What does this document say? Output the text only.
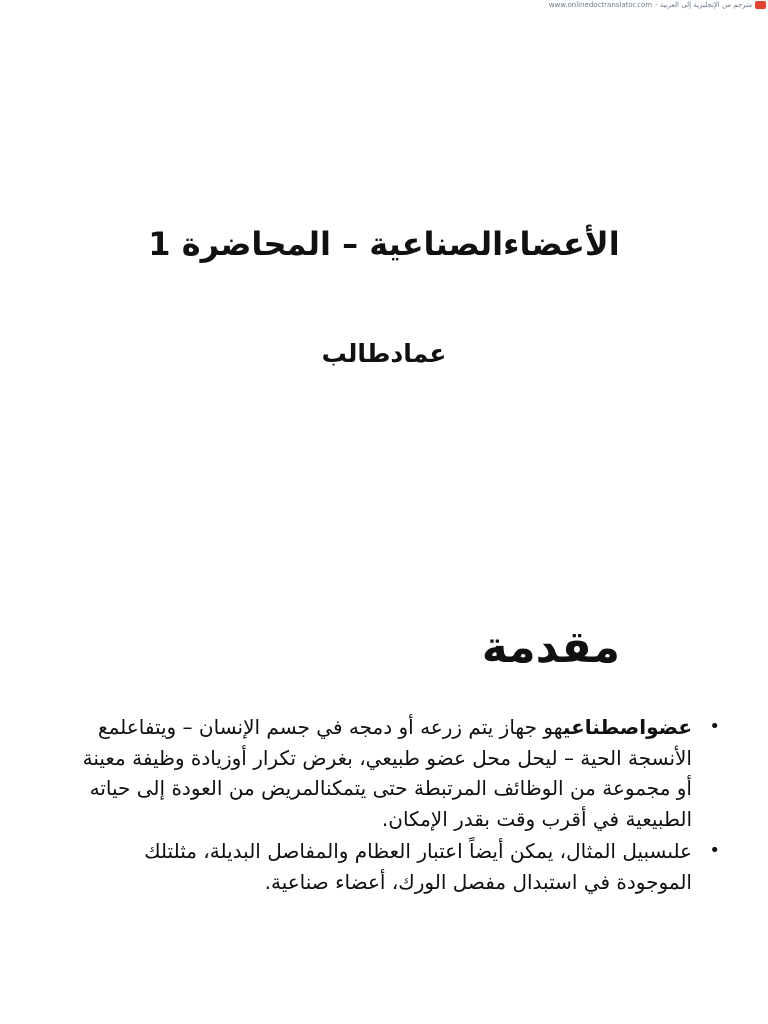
www.onlinedoctranslator.com مترجم من الإنجليزية إلى العربية -
الأعضاءالصناعية – المحاضرة 1
عمادطالب
مقدمة
•
عضواصطناعيهو جهاز يتم زرعه أو دمجه في جسم الإنسان – ويتفاعلمع الأنسجة الحية – ليحل محل عضو طبيعي، بغرض تكرار أوزيادة وظيفة معينة أو مجموعة من الوظائف المرتبطة حتى يتمكنالمريض من العودة إلى حياته الطبيعية في أقرب وقت بقدر الإمكان.
•
علىسبيل المثال، يمكن أيضاً اعتبار العظام والمفاصل البديلة، مثلتلك الموجودة في استبدال مفصل الورك، أعضاء صناعية.
